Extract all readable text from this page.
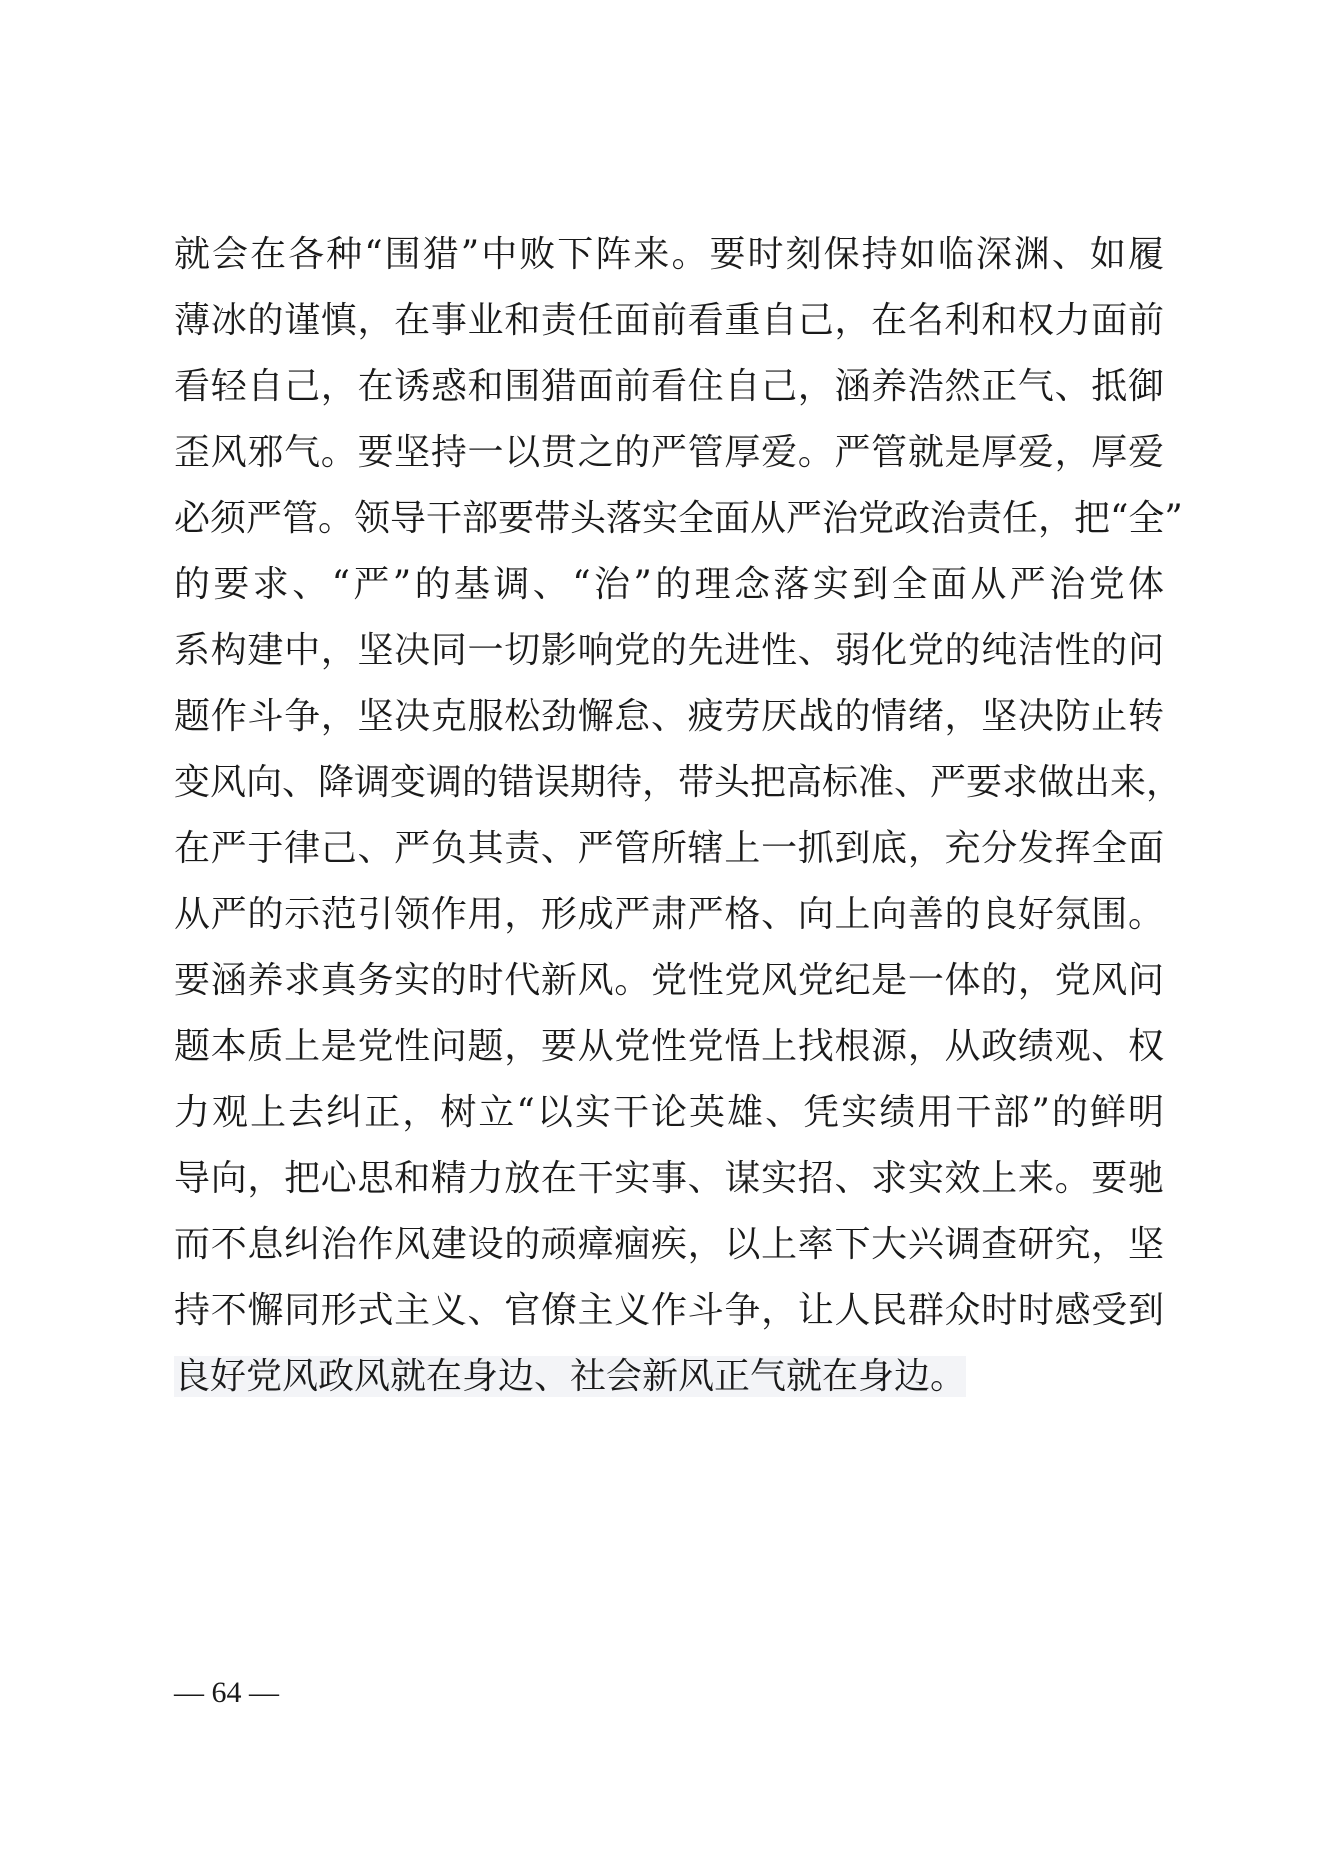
就会在各种“围猎”中败下阵来。要时刻保持如临深渊、如履
薄冰的谨慎，在事业和责任面前看重自己，在名利和权力面前
看轻自己，在诱惑和围猎面前看住自己，涵养浩然正气、抵御
歪风邪气。要坚持一以贯之的严管厚爱。严管就是厚爱，厚爱
必须严管。领导干部要带头落实全面从严治党政治责任，把“全”
的要求、“严”的基调、“治”的理念落实到全面从严治党体
系构建中，坚决同一切影响党的先进性、弱化党的纯洁性的问
题作斗争，坚决克服松劲懈怠、疲劳厌战的情绪，坚决防止转
变风向、降调变调的错误期待，带头把高标准、严要求做出来，
在严于律己、严负其责、严管所辖上一抓到底，充分发挥全面
从严的示范引领作用，形成严肃严格、向上向善的良好氛围。
要涵养求真务实的时代新风。党性党风党纪是一体的，党风问
题本质上是党性问题，要从党性党悟上找根源，从政绩观、权
力观上去纠正，树立“以实干论英雄、凭实绩用干部”的鲜明
导向，把心思和精力放在干实事、谋实招、求实效上来。要驰
而不息纠治作风建设的顽瘴痼疾，以上率下大兴调查研究，坚
持不懈同形式主义、官僚主义作斗争，让人民群众时时感受到
良好党风政风就在身边、社会新风正气就在身边。
— 64 —
